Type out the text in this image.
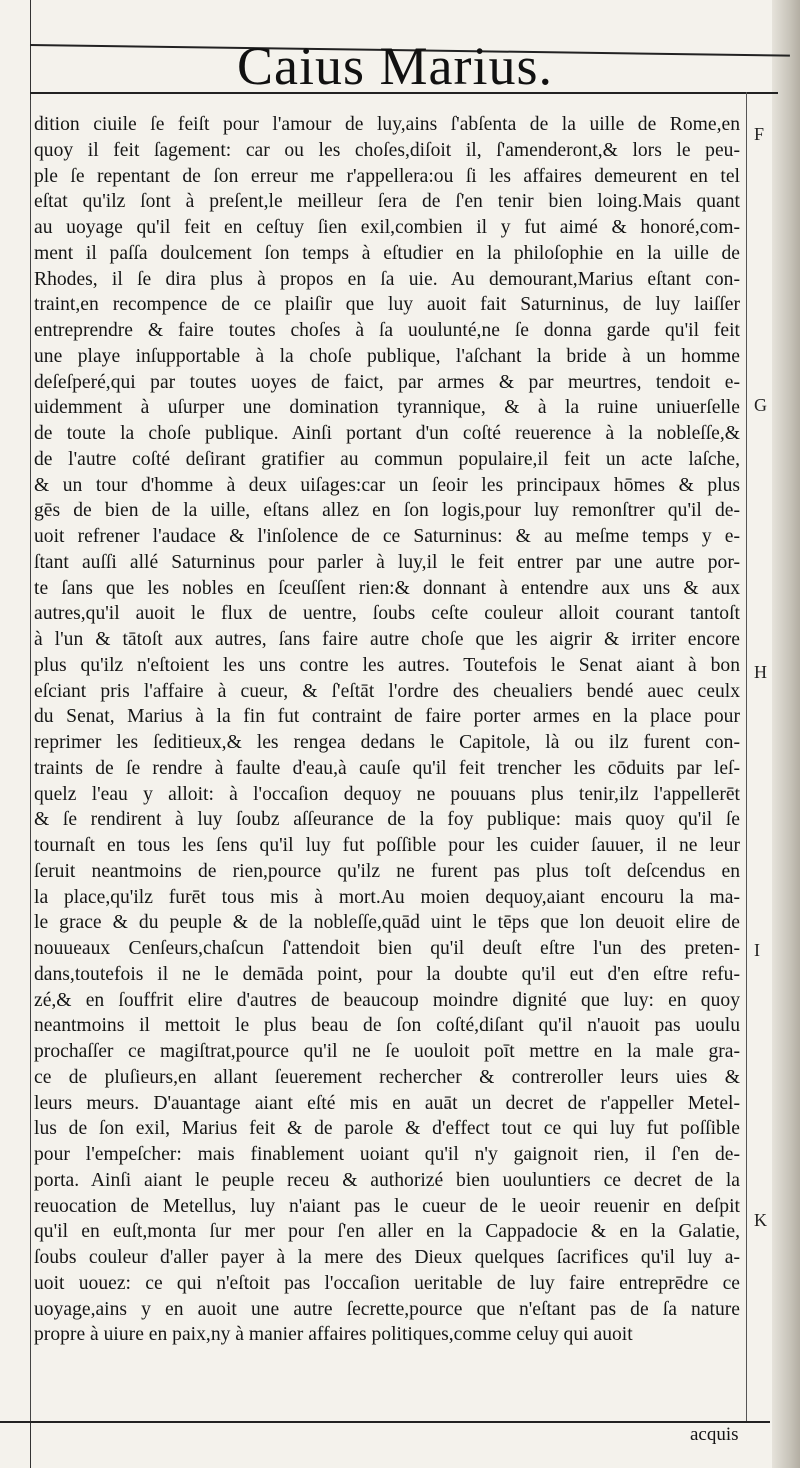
Caius Marius.
dition ciuile ſe feiſt pour l'amour de luy,ains ſ'abſenta de la uille de Rome,en
quoy il feit ſagement: car ou les choſes,diſoit il, ſ'amenderont,& lors le peu-
ple ſe repentant de ſon erreur me r'appellera:ou ſi les affaires demeurent en tel
eſtat qu'ilz ſont à preſent,le meilleur ſera de ſ'en tenir bien loing.Mais quant
au uoyage qu'il feit en ceſtuy ſien exil,combien il y fut aimé & honoré,com-
ment il paſſa doulcement ſon temps à eſtudier en la philoſophie en la uille de
Rhodes, il ſe dira plus à propos en ſa uie. Au demourant,Marius eſtant con-
traint,en recompence de ce plaiſir que luy auoit fait Saturninus, de luy laiſſer
entreprendre & faire toutes choſes à ſa uoulunté,ne ſe donna garde qu'il feit
une playe inſupportable à la choſe publique, l'aſchant la bride à un homme
deſeſperé,qui par toutes uoyes de faict, par armes & par meurtres, tendoit e-
uidemment à uſurper une domination tyrannique, & à la ruine uniuerſelle
de toute la choſe publique. Ainſi portant d'un coſté reuerence à la nobleſſe,&
de l'autre coſté deſirant gratifier au commun populaire,il feit un acte laſche,
& un tour d'homme à deux uiſages:car un ſeoir les principaux hōmes & plus
gēs de bien de la uille, eſtans allez en ſon logis,pour luy remonſtrer qu'il de-
uoit refrener l'audace & l'inſolence de ce Saturninus: & au meſme temps y e-
ſtant auſſi allé Saturninus pour parler à luy,il le feit entrer par une autre por-
te ſans que les nobles en ſceuſſent rien:& donnant à entendre aux uns & aux
autres,qu'il auoit le flux de uentre, ſoubs ceſte couleur alloit courant tantoſt
à l'un & tātoſt aux autres, ſans faire autre choſe que les aigrir & irriter encore
plus qu'ilz n'eſtoient les uns contre les autres. Toutefois le Senat aiant à bon
eſciant pris l'affaire à cueur, & ſ'eſtāt l'ordre des cheualiers bendé auec ceulx
du Senat, Marius à la fin fut contraint de faire porter armes en la place pour
reprimer les ſeditieux,& les rengea dedans le Capitole, là ou ilz furent con-
traints de ſe rendre à faulte d'eau,à cauſe qu'il feit trencher les cōduits par leſ-
quelz l'eau y alloit: à l'occaſion dequoy ne pouuans plus tenir,ilz l'appellerēt
& ſe rendirent à luy ſoubz aſſeurance de la foy publique: mais quoy qu'il ſe
tournaſt en tous les ſens qu'il luy fut poſſible pour les cuider ſauuer, il ne leur
ſeruit neantmoins de rien,pource qu'ilz ne furent pas plus toſt deſcendus en
la place,qu'ilz furēt tous mis à mort.Au moien dequoy,aiant encouru la ma-
le grace & du peuple & de la nobleſſe,quād uint le tēps que lon deuoit elire de
nouueaux Cenſeurs,chaſcun ſ'attendoit bien qu'il deuſt eſtre l'un des preten-
dans,toutefois il ne le demāda point, pour la doubte qu'il eut d'en eſtre refu-
zé,& en ſouffrit elire d'autres de beaucoup moindre dignité que luy: en quoy
neantmoins il mettoit le plus beau de ſon coſté,diſant qu'il n'auoit pas uoulu
prochaſſer ce magiſtrat,pource qu'il ne ſe uouloit poīt mettre en la male gra-
ce de pluſieurs,en allant ſeuerement rechercher & contreroller leurs uies &
leurs meurs. D'auantage aiant eſté mis en auāt un decret de r'appeller Metel-
lus de ſon exil, Marius feit & de parole & d'effect tout ce qui luy fut poſſible
pour l'empeſcher: mais finablement uoiant qu'il n'y gaignoit rien, il ſ'en de-
porta. Ainſi aiant le peuple receu & authorizé bien uouluntiers ce decret de la
reuocation de Metellus, luy n'aiant pas le cueur de le ueoir reuenir en deſpit
qu'il en euſt,monta ſur mer pour ſ'en aller en la Cappadocie & en la Galatie,
ſoubs couleur d'aller payer à la mere des Dieux quelques ſacrifices qu'il luy a-
uoit uouez: ce qui n'eſtoit pas l'occaſion ueritable de luy faire entreprēdre ce
uoyage,ains y en auoit une autre ſecrette,pource que n'eſtant pas de ſa nature
propre à uiure en paix,ny à manier affaires politiques,comme celuy qui auoit
F
G
H
I
K
acquis
